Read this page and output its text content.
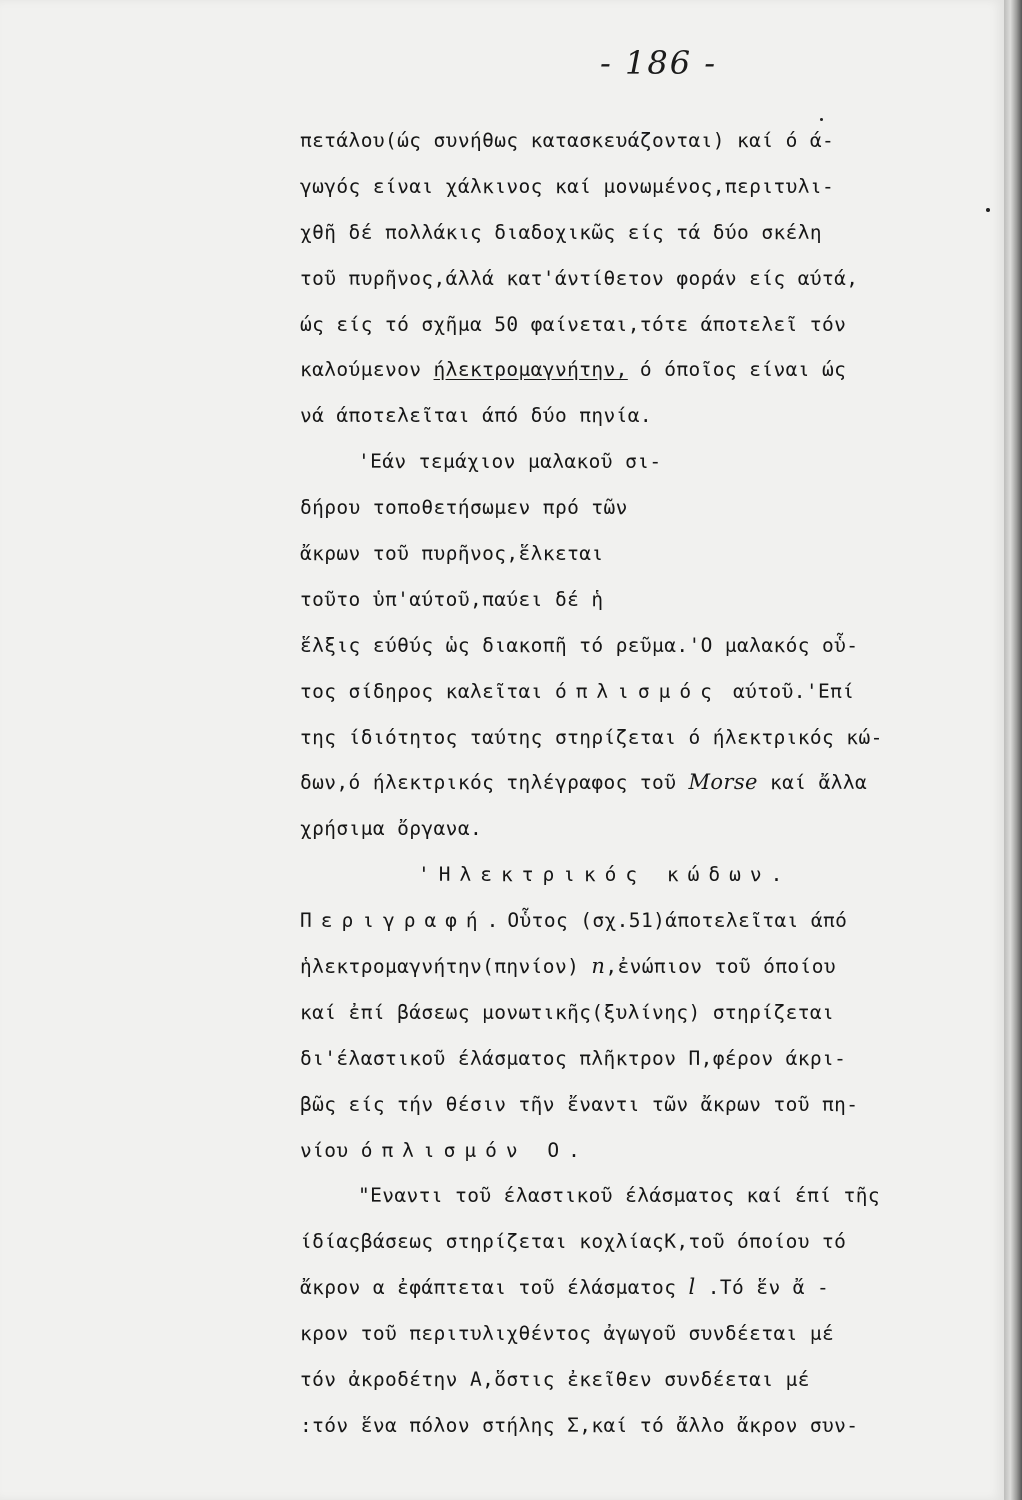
- 186 -
πετάλου(ώς συνήθως κατασκευάζονται) καί ό ά-
γωγός είναι χάλκινος καί μονωμένος,περιτυλι-
χθῆ δέ πολλάκις διαδοχικῶς είς τά δύο σκέλη
τοῦ πυρῆνος,άλλά κατ'άντίθετον φοράν είς αύτά,
ώς είς τό σχῆμα 50 φαίνεται,τότε άποτελεῖ τόν
καλούμενον ήλεκτρομαγνήτην, ό όποῖος είναι ώς
νά άποτελεῖται άπό δύο πηνία.
'Εάν τεμάχιον μαλακοῦ σι-
δήρου τοποθετήσωμεν πρό τῶν
ἄκρων τοῦ πυρῆνος,ἕλκεται
τοῦτο ὑπ'αύτοῦ,παύει δέ ἡ
ἕλξις εύθύς ὡς διακοπῆ τό ρεῦμα.'Ο μαλακός οὗ-
τος σίδηρος καλεῖται όπλισμός αύτοῦ.'Επί
της ίδιότητος ταύτης στηρίζεται ό ήλεκτρικός κώ-
δων,ό ήλεκτρικός τηλέγραφος τοῦ Morse καί ἄλλα
χρήσιμα ὄργανα.
'Ηλεκτρικός κώδων.
Περιγραφή.Οὗτος (σχ.51)άποτελεῖται άπό
ἡλεκτρομαγνήτην(πηνίον) n,ἐνώπιον τοῦ όποίου
καί ἐπί βάσεως μονωτικῆς(ξυλίνης) στηρίζεται
δι'έλαστικοῦ έλάσματος πλῆκτρον Π,φέρον άκρι-
βῶς είς τήν θέσιν τῆν ἔναντι τῶν ἄκρων τοῦ πη-
νίου όπλισμόν Ο.
"Εναντι τοῦ έλαστικοῦ έλάσματος καί έπί τῆς
ίδίαςβάσεως στηρίζεται κοχλίαςΚ,τοῦ όποίου τό
ἄκρον α ἐφάπτεται τοῦ έλάσματος l .Τό ἕν ἄ -
κρον τοῦ περιτυλιχθέντος ἀγωγοῦ συνδέεται μέ
τόν ἀκροδέτην Α,ὅστις ἐκεῖθεν συνδέεται μέ
:τόν ἕνα πόλον στήλης Σ,καί τό ἄλλο ἄκρον συν-
